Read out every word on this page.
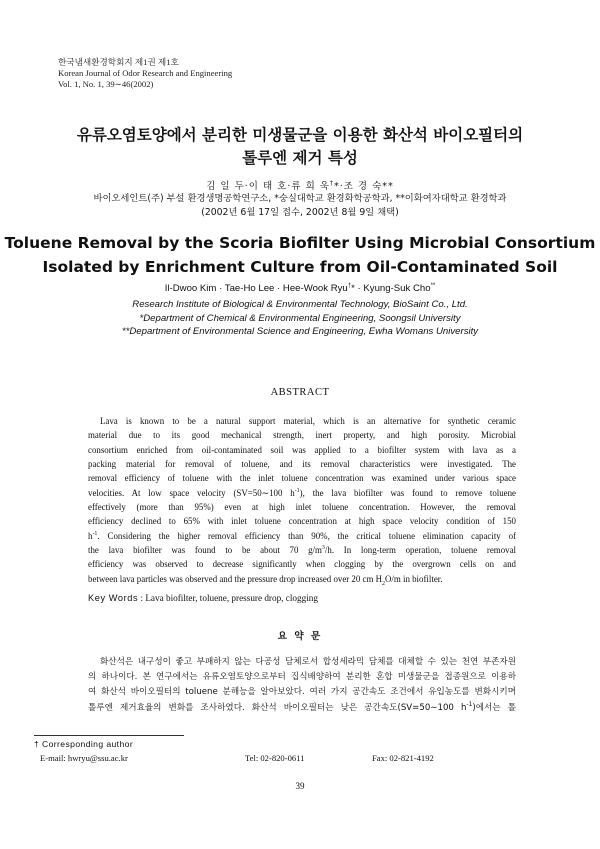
한국냄새환경학회지 제1권 제1호
Korean Journal of Odor Research and Engineering
Vol. 1, No. 1, 39∼46(2002)
유류오염토양에서 분리한 미생물군을 이용한 화산석 바이오필터의
톨루엔 제거 특성
김 일 두·이 태 호·류 희 욱†*·조 경 숙**
바이오세인트(주) 부설 환경생명공학연구소, *숭실대학교 환경화학공학과, **이화여자대학교 환경학과
(2002년 6월 17일 접수, 2002년 8월 9일 채택)
Toluene Removal by the Scoria Biofilter Using Microbial Consortium
Isolated by Enrichment Culture from Oil-Contaminated Soil
Il-Dwoo Kim · Tae-Ho Lee · Hee-Wook Ryu†* · Kyung-Suk Cho**
Research Institute of Biological & Environmental Technology, BioSaint Co., Ltd.
*Department of Chemical & Environmental Engineering, Soongsil University
**Department of Environmental Science and Engineering, Ewha Womans University
ABSTRACT
Lava is known to be a natural support material, which is an alternative for synthetic ceramic
material due to its good mechanical strength, inert property, and high porosity. Microbial
consortium enriched from oil-contaminated soil was applied to a biofilter system with lava as a
packing material for removal of toluene, and its removal characteristics were investigated. The
removal efficiency of toluene with the inlet toluene concentration was examined under various space
velocities. At low space velocity (SV=50∼100 $h^{-1}$), the lava biofilter was found to remove toluene
effectively (more than 95%) even at high inlet toluene concentration. However, the removal
efficiency declined to 65% with inlet toluene concentration at high space velocity condition of 150
$h^{-1}$. Considering the higher removal efficiency than 90%, the critical toluene elimination capacity of
the lava biofilter was found to be about 70 $g/m^3/h$. In long-term operation, toluene removal
efficiency was observed to decrease significantly when clogging by the overgrown cells on and
between lava particles was observed and the pressure drop increased over 20 cm $H_2O/m$ in biofilter.
Key Words : Lava biofilter, toluene, pressure drop, clogging
요 약 문
화산석은 내구성이 좋고 부패하지 않는 다공성 담체로서 합성세라믹 담체를 대체할 수 있는 천연 부존자원
의 하나이다. 본 연구에서는 유류오염토양으로부터 집식배양하여 분리한 혼합 미생물군을 접종원으로 이용하
여 화산석 바이오필터의 toluene 분해능을 알아보았다. 여러 가지 공간속도 조건에서 유입농도를 변화시키며
톨루엔 제거효율의 변화를 조사하였다. 화산석 바이오필터는 낮은 공간속도(SV=50∼100 $h^{-1}$)에서는 톨
† Corresponding author
E-mail: hwryu@ssu.ac.kr	Tel: 02-820-0611	Fax: 02-821-4192
39
